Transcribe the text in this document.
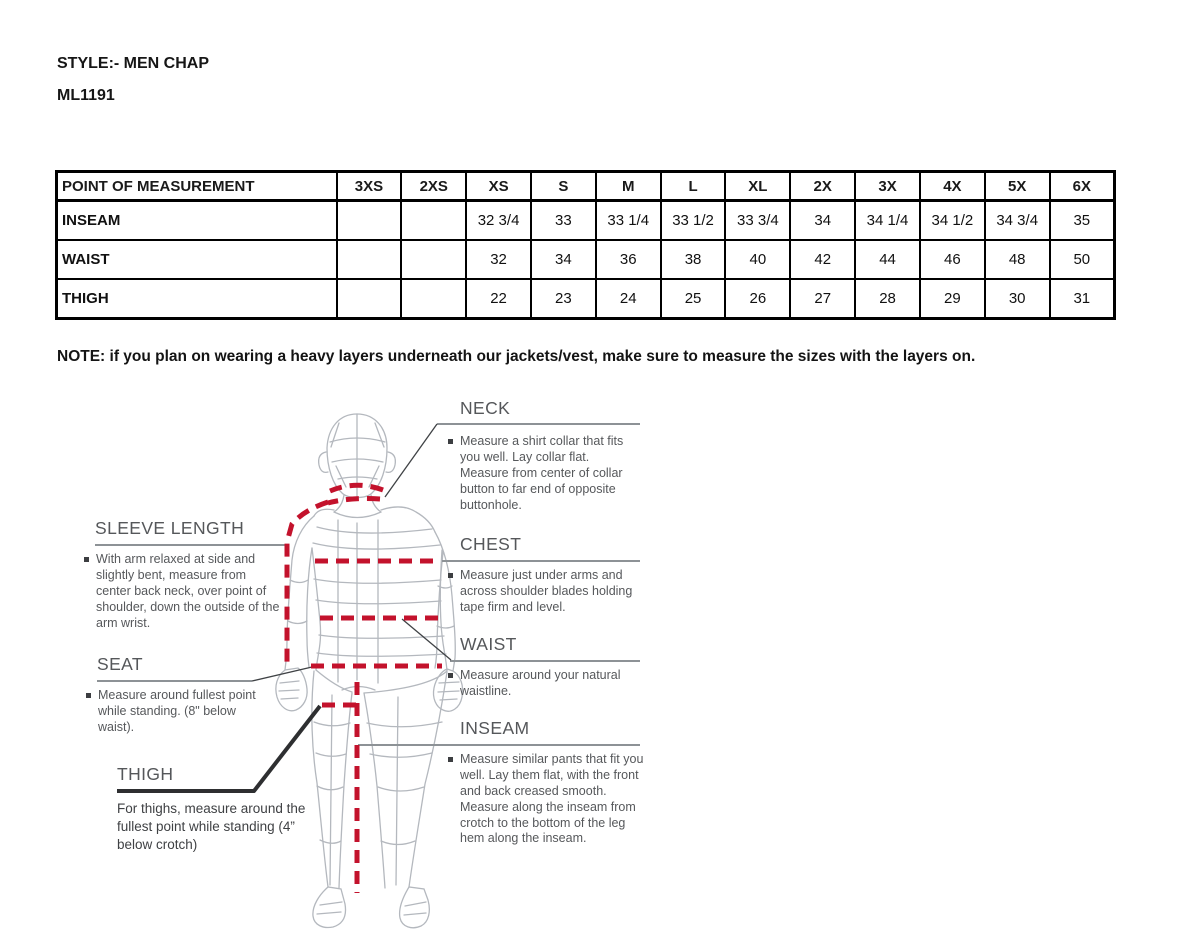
STYLE:- MEN CHAP
ML1191
POINT OF MEASUREMENT	3XS	2XS	XS	S	M	L	XL	2X	3X	4X	5X	6X
INSEAM			32 3/4	33	33 1/4	33 1/2	33 3/4	34	34 1/4	34 1/2	34 3/4	35
WAIST			32	34	36	38	40	42	44	46	48	50
THIGH			22	23	24	25	26	27	28	29	30	31
NOTE: if you plan on wearing a heavy layers underneath our jackets/vest, make sure to measure the sizes with the layers on.
NECK
Measure a shirt collar that fits you well. Lay collar flat. Measure from center of collar button to far end of opposite buttonhole.
SLEEVE LENGTH
With arm relaxed at side and slightly bent, measure from center back neck, over point of shoulder, down the outside of the arm wrist.
CHEST
Measure just under arms and across shoulder blades holding tape firm and level.
WAIST
Measure around your natural waistline.
SEAT
Measure around fullest point while standing. (8" below waist).	INSEAM
Measure similar pants that fit you well. Lay them flat, with the front and back creased smooth. Measure along the inseam from crotch to the bottom of the leg hem along the inseam.
THIGH
For thighs, measure around the fullest point while standing (4” below crotch)
